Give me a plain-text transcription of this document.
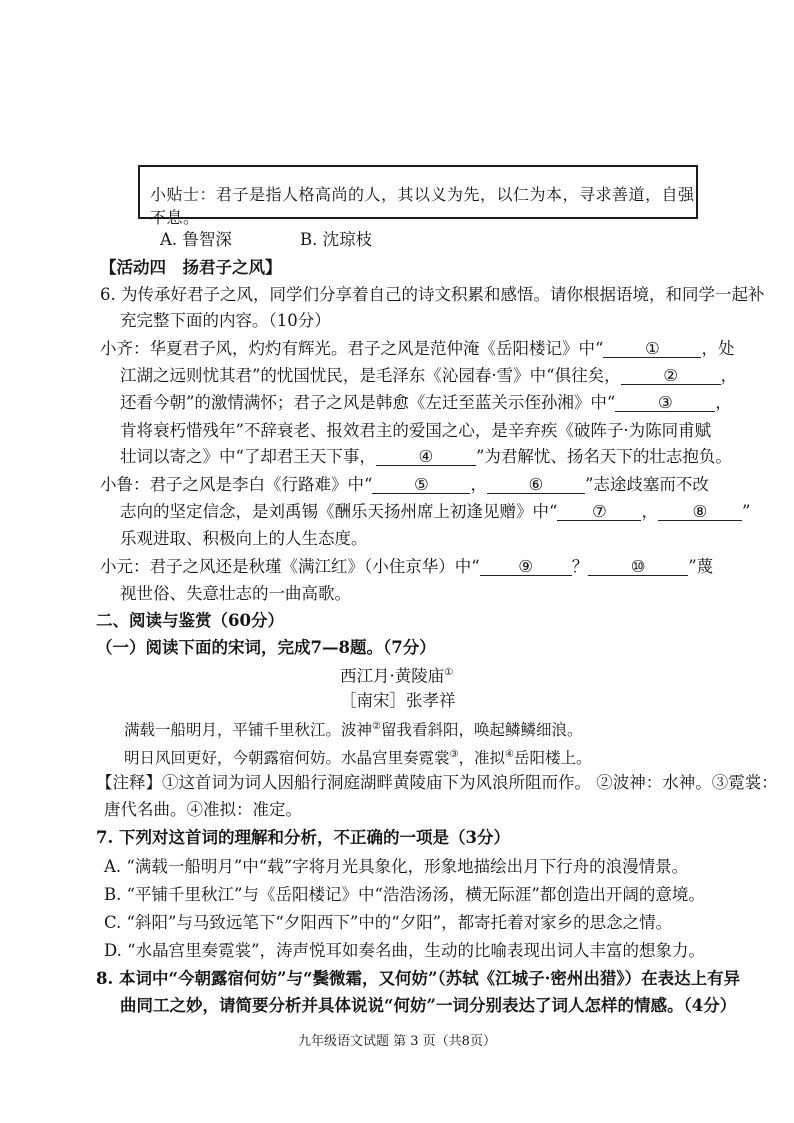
小贴士：君子是指人格高尚的人，其以义为先，以仁为本，寻求善道，自强不息。
A. 鲁智深	B. 沈琼枝
【活动四　扬君子之风】
6. 为传承好君子之风，同学们分享着自己的诗文积累和感悟。请你根据语境，和同学一起补
充完整下面的内容。（10分）
小齐：华夏君子风，灼灼有辉光。君子之风是范仲淹《岳阳楼记》中“	①	，处
江湖之远则忧其君”的忧国忧民，是毛泽东《沁园春·雪》中“俱往矣，	②	，
还看今朝”的激情满怀；君子之风是韩愈《左迁至蓝关示侄孙湘》中“	③	，
肯将衰朽惜残年”不辞衰老、报效君主的爱国之心，是辛弃疾《破阵子·为陈同甫赋
壮词以寄之》中“了却君王天下事，	④	”为君解忧、扬名天下的壮志抱负。
小鲁：君子之风是李白《行路难》中“	⑤	，	⑥	”志途歧塞而不改
志向的坚定信念，是刘禹锡《酬乐天扬州席上初逢见赠》中“ ⑦ ， ⑧ ”
乐观进取、积极向上的人生态度。
小元：君子之风还是秋瑾《满江红》（小住京华）中“ ⑨ ？	⑩	”蔑
视世俗、失意壮志的一曲高歌。
二、阅读与鉴赏（60分）
（一）阅读下面的宋词，完成7—8题。（7分）
西江月·黄陵庙①
［南宋］张孝祥
满载一船明月，平铺千里秋江。波神②留我看斜阳，唤起鳞鳞细浪。
明日风回更好，今朝露宿何妨。水晶宫里奏霓裳③，准拟④岳阳楼上。
【注释】①这首词为词人因船行洞庭湖畔黄陵庙下为风浪所阻而作。 ②波神：水神。③霓裳：
唐代名曲。④准拟：准定。
7. 下列对这首词的理解和分析，不正确的一项是（3分）
A. “满载一船明月”中“载”字将月光具象化，形象地描绘出月下行舟的浪漫情景。
B. “平铺千里秋江”与《岳阳楼记》中“浩浩汤汤，横无际涯”都创造出开阔的意境。
C. “斜阳”与马致远笔下“夕阳西下”中的“夕阳”，都寄托着对家乡的思念之情。
D. “水晶宫里奏霓裳”，涛声悦耳如奏名曲，生动的比喻表现出词人丰富的想象力。
8. 本词中“今朝露宿何妨”与“鬓微霜，又何妨”（苏轼《江城子·密州出猎》）在表达上有异
曲同工之妙，请简要分析并具体说说“何妨”一词分别表达了词人怎样的情感。（4分）
九年级语文试题 第 3 页（共8页）
